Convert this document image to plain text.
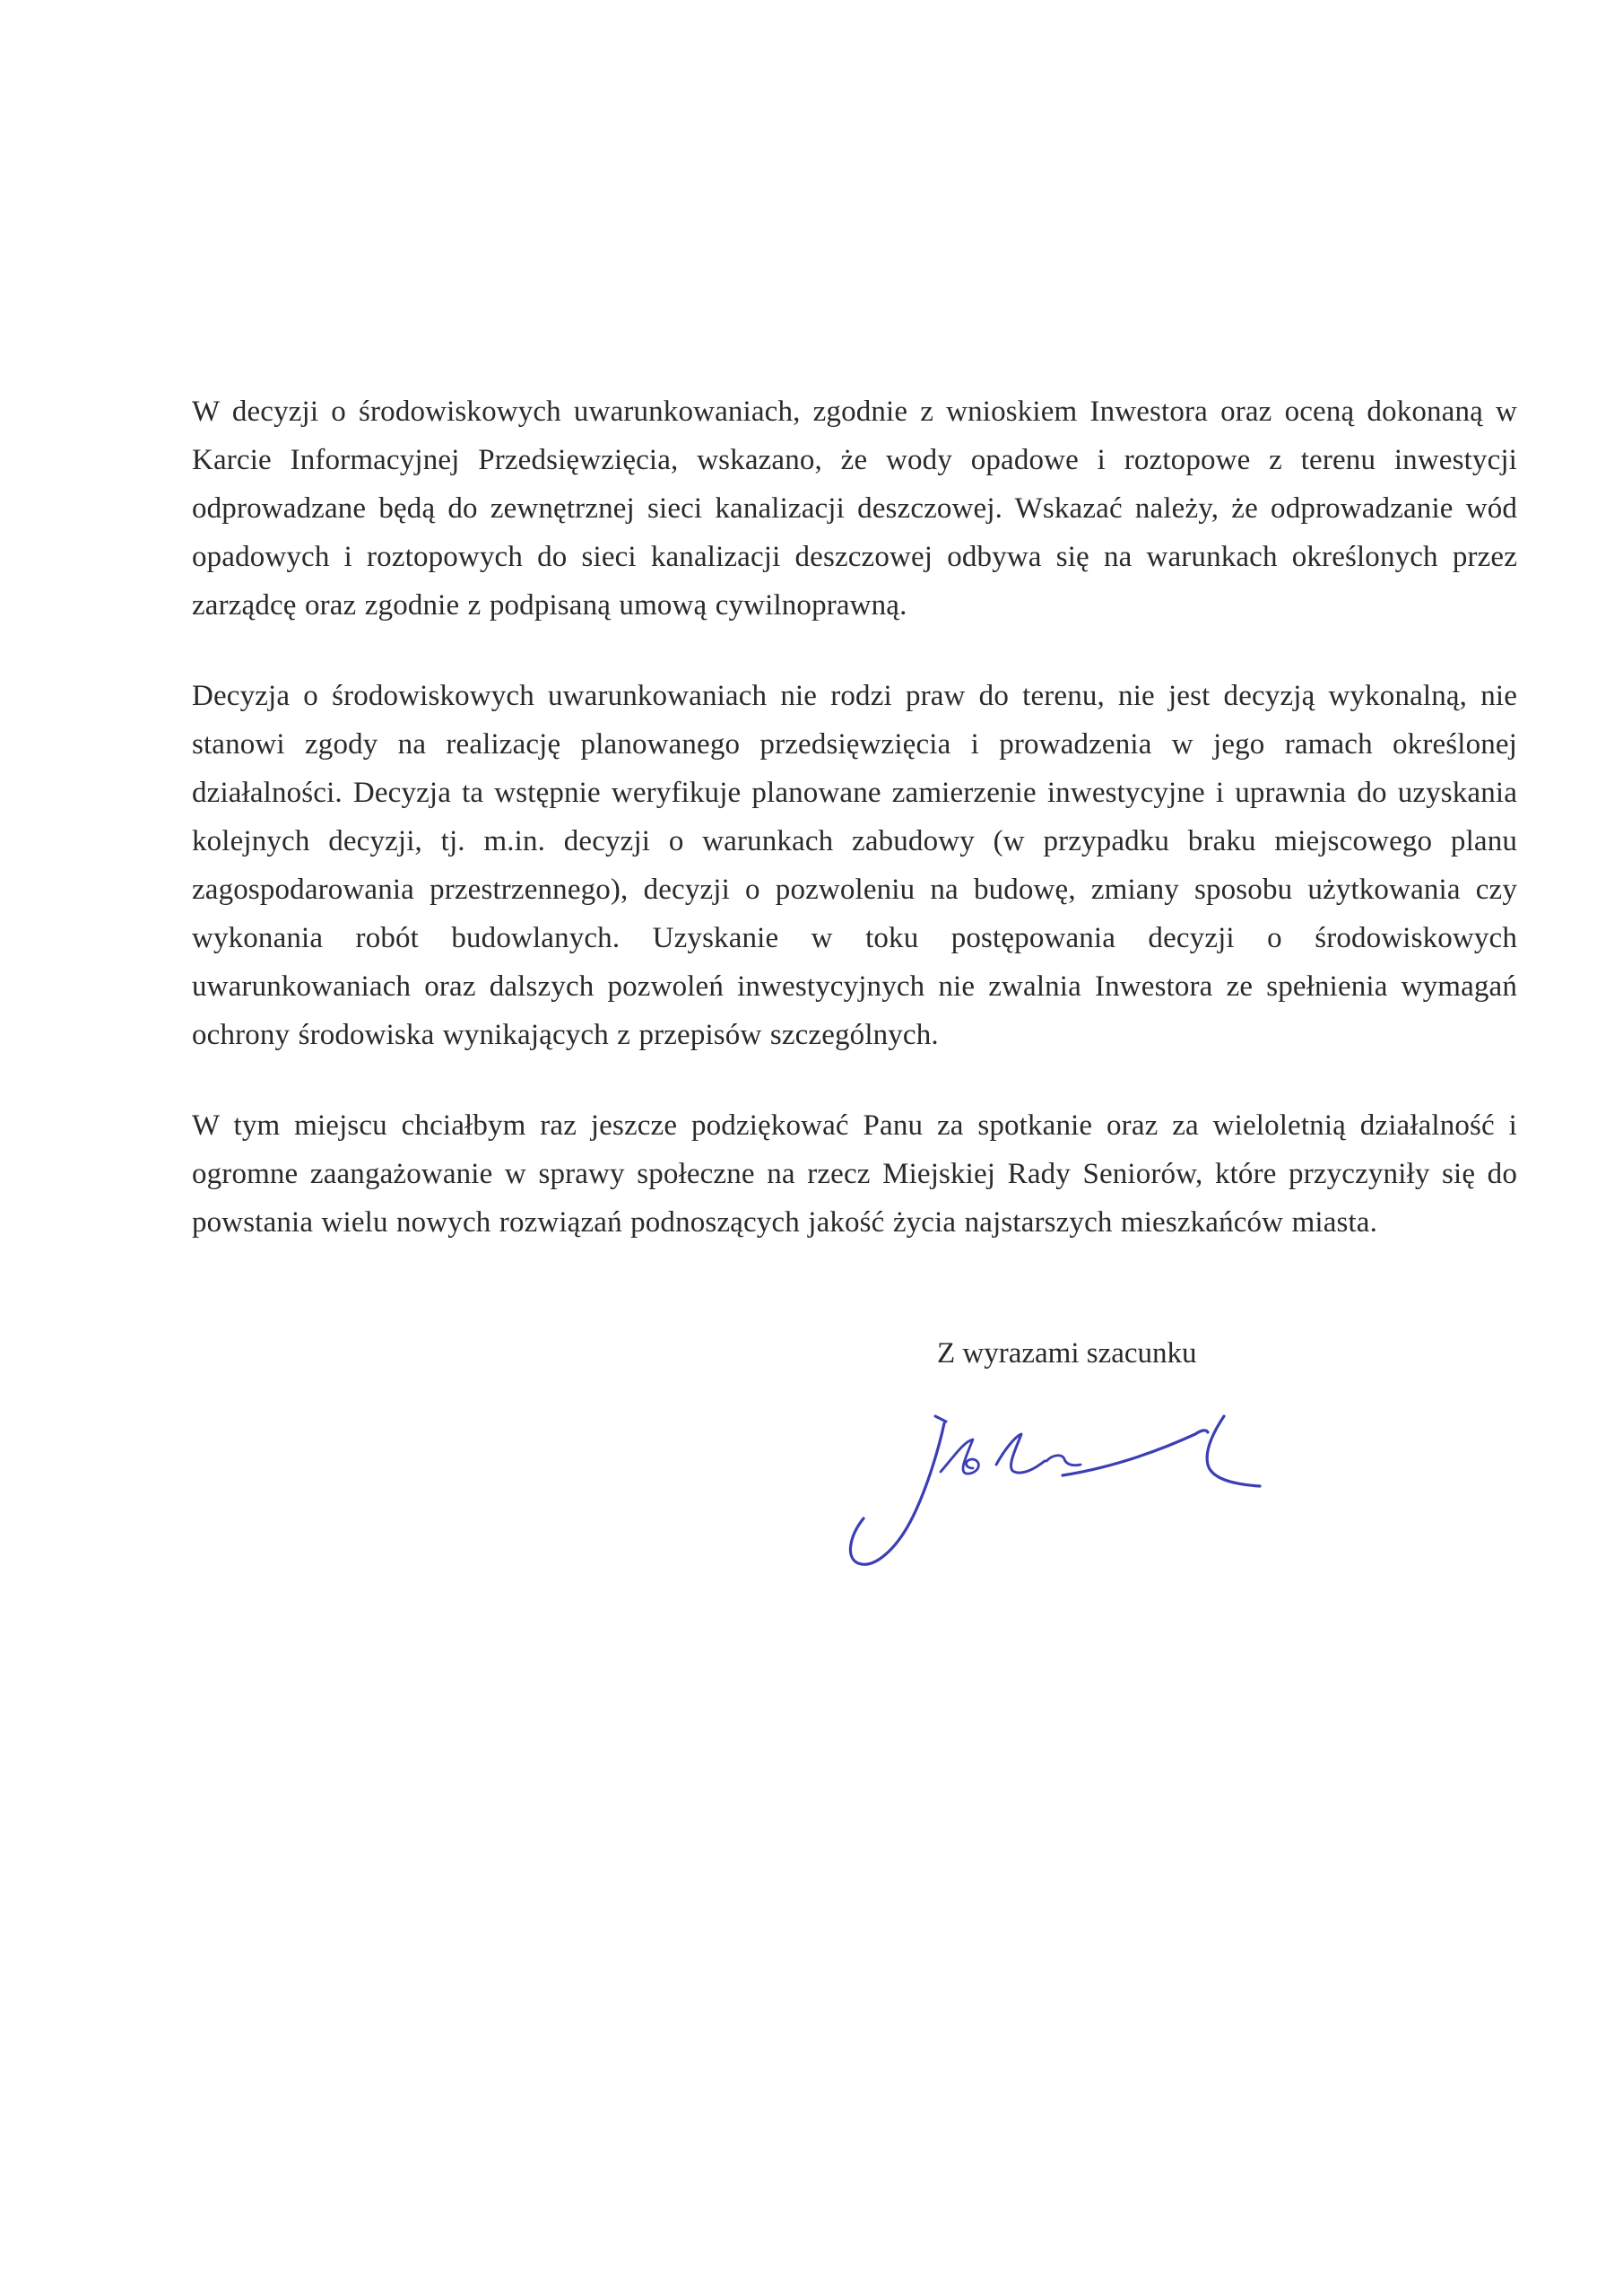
W decyzji o środowiskowych uwarunkowaniach, zgodnie z wnioskiem Inwestora oraz oceną dokonaną w Karcie Informacyjnej Przedsięwzięcia, wskazano, że wody opadowe i roztopowe z terenu inwestycji odprowadzane będą do zewnętrznej sieci kanalizacji deszczowej. Wskazać należy, że odprowadzanie wód opadowych i roztopowych do sieci kanalizacji deszczowej odbywa się na warunkach określonych przez zarządcę oraz zgodnie z podpisaną umową cywilnoprawną.

Decyzja o środowiskowych uwarunkowaniach nie rodzi praw do terenu, nie jest decyzją wykonalną, nie stanowi zgody na realizację planowanego przedsięwzięcia i prowadzenia w jego ramach określonej działalności. Decyzja ta wstępnie weryfikuje planowane zamierzenie inwestycyjne i uprawnia do uzyskania kolejnych decyzji, tj. m.in. decyzji o warunkach zabudowy (w przypadku braku miejscowego planu zagospodarowania przestrzennego), decyzji o pozwoleniu na budowę, zmiany sposobu użytkowania czy wykonania robót budowlanych. Uzyskanie w toku postępowania decyzji o środowiskowych uwarunkowaniach oraz dalszych pozwoleń inwestycyjnych nie zwalnia Inwestora ze spełnienia wymagań ochrony środowiska wynikających z przepisów szczególnych.

W tym miejscu chciałbym raz jeszcze podziękować Panu za spotkanie oraz za wieloletnią działalność i ogromne zaangażowanie w sprawy społeczne na rzecz Miejskiej Rady Seniorów, które przyczyniły się do powstania wielu nowych rozwiązań podnoszących jakość życia najstarszych mieszkańców miasta.

Z wyrazami szacunku
